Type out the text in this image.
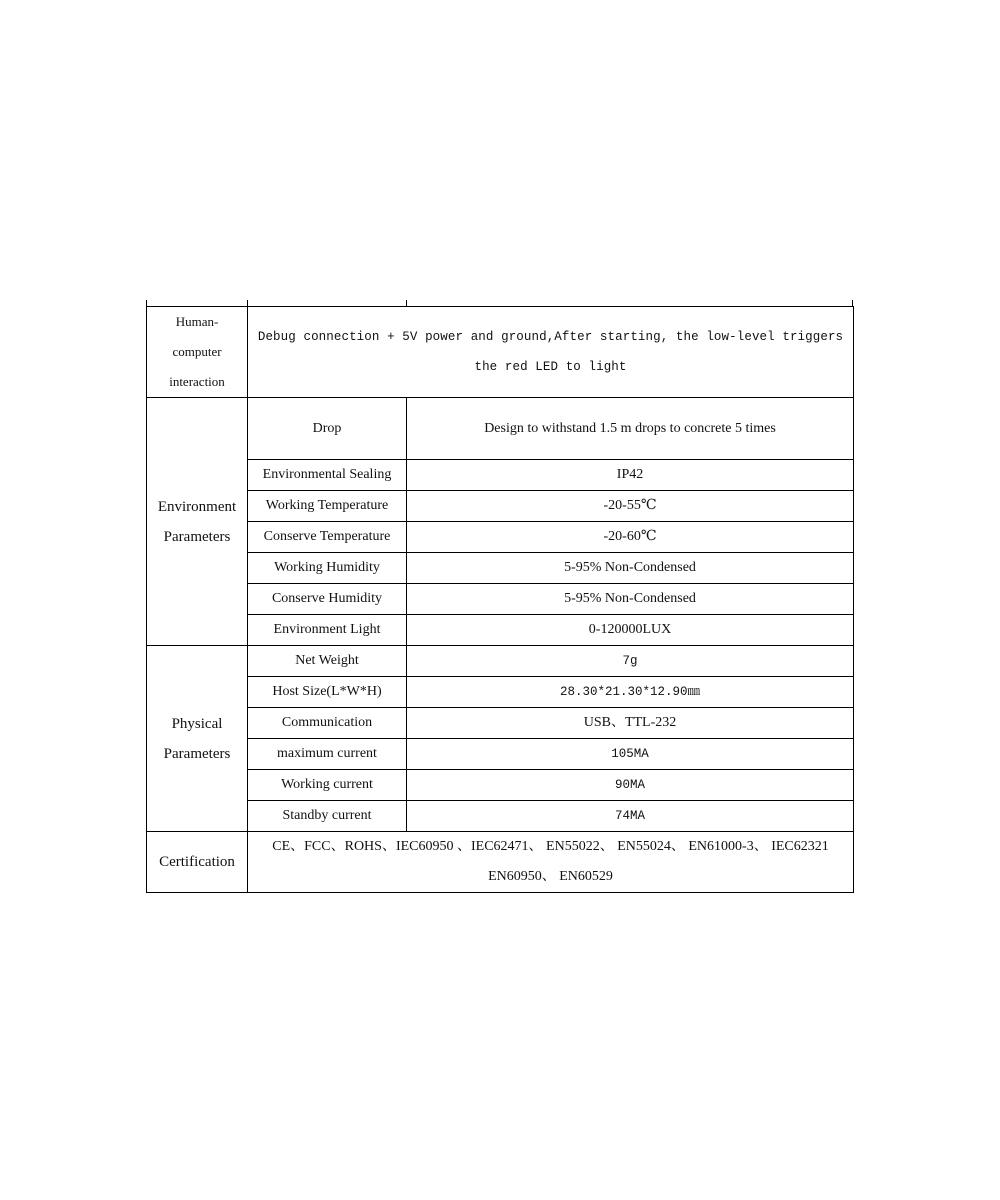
Human-computer interaction	Debug connection + 5V power and ground,After starting, the low-level triggers the red LED to light	
Environment Parameters	Drop	Design to withstand 1.5 m drops to concrete 5 times
	Environmental Sealing	IP42
	Working Temperature	-20-55℃
	Conserve Temperature	-20-60℃
	Working Humidity	5-95% Non-Condensed
	Conserve Humidity	5-95% Non-Condensed
	Environment Light	0-120000LUX
Physical Parameters	Net Weight	7g
	Host Size(L*W*H)	28.30*21.30*12.90㎜
	Communication	USB、TTL-232
	maximum current	105MA
	Working current	90MA
	Standby current	74MA
Certification	CE、FCC、ROHS、IEC60950 、IEC62471、 EN55022、 EN55024、 EN61000-3、 IEC62321 EN60950、 EN60529	
